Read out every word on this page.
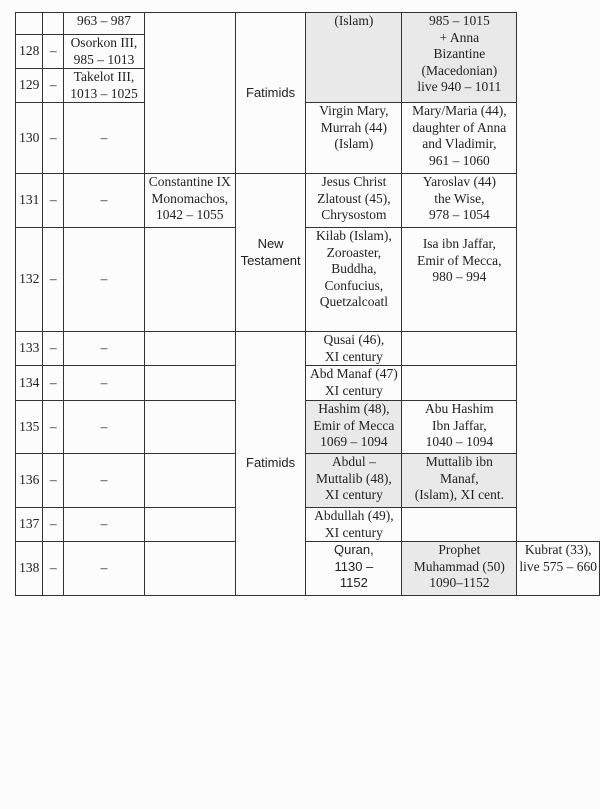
		963 – 987		Fatimids	(Islam)	985 – 1015
+ Anna
Bizantine
(Macedonian)
live 940 – 1011	

128	–	Osorkon III,
985 – 1013					

129	–	Takelot III,
1013 – 1025					

130	–	–			Virgin Mary,
Murrah (44)
(Islam)	Mary/Maria (44),
daughter of Anna
and Vladimir,
961 – 1060	

131	–	–	Constantine IX
Monomachos,
1042 – 1055	New
Testament	Jesus Christ
Zlatoust (45),
Chrysostom	Yaroslav (44)
the Wise,
978 – 1054	

132	–	–			Kilab (Islam),
Zoroaster,
Buddha,
Confucius,
Quetzalcoatl	Isa ibn Jaffar,
Emir of Mecca,
980 – 994	

133	–	–		Fatimids	Qusai (46),
XI century		

134	–	–			Abd Manaf (47)
XI century		

135	–	–			Hashim (48),
Emir of Mecca
1069 – 1094	Abu Hashim
Ibn Jaffar,
1040 – 1094	

136	–	–			Abdul –
Muttalib (48),
XI century	Muttalib ibn
Manaf,
(Islam), XI cent.	

137	–	–			Abdullah (49),
XI century		

138	–	–			Quran,
1130 –
1152	Prophet
Muhammad (50)
1090–1152	Kubrat (33),
live 575 – 660
